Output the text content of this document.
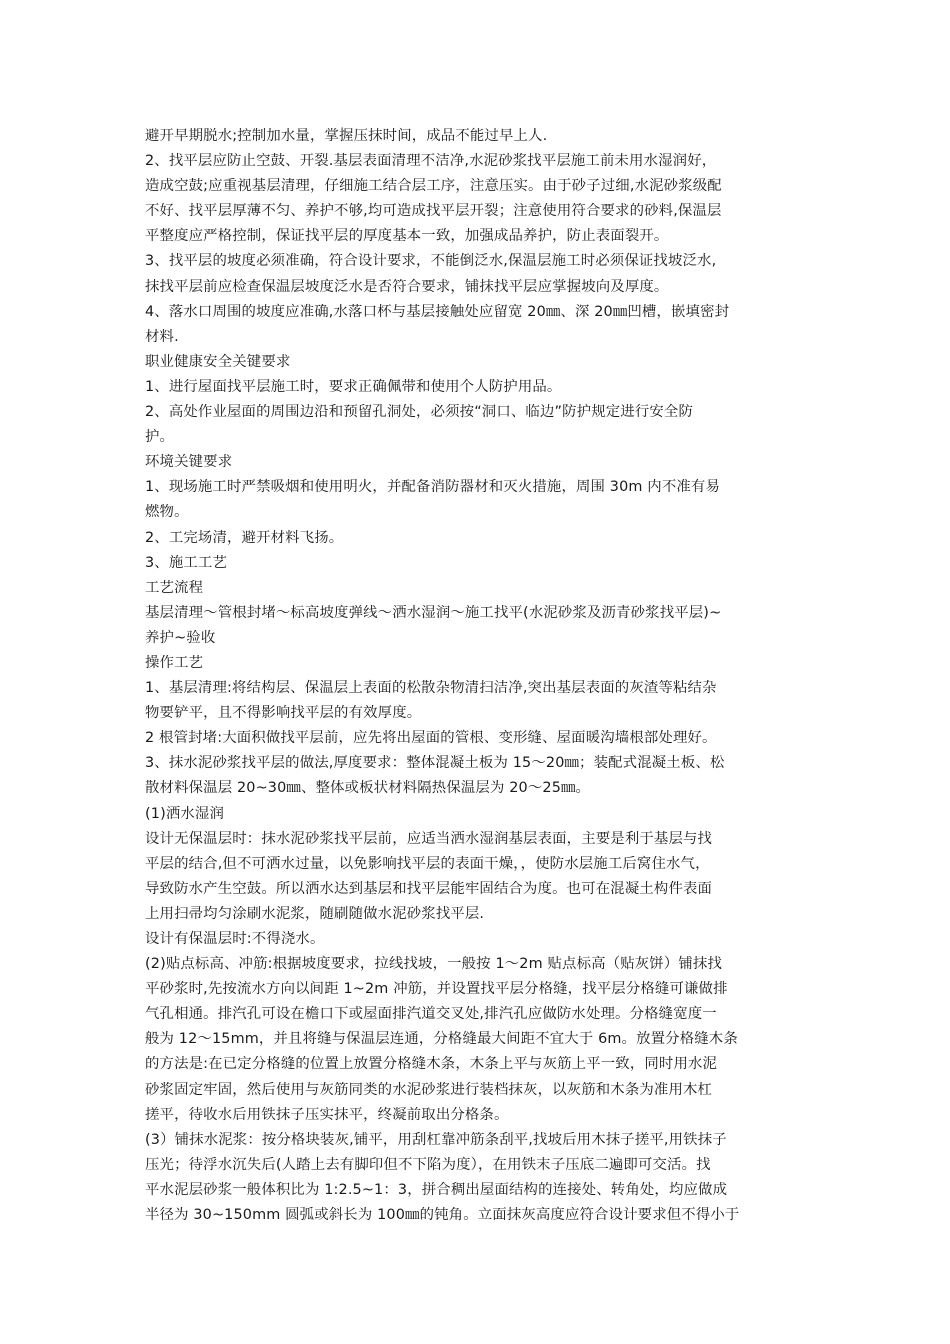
避开早期脱水;控制加水量，掌握压抹时间，成品不能过早上人.
2、找平层应防止空鼓、开裂.基层表面清理不洁净,水泥砂浆找平层施工前未用水湿润好，
造成空鼓;应重视基层清理，仔细施工结合层工序，注意压实。由于砂子过细,水泥砂浆级配
不好、找平层厚薄不匀、养护不够,均可造成找平层开裂；注意使用符合要求的砂料,保温层
平整度应严格控制，保证找平层的厚度基本一致，加强成品养护，防止表面裂开。
3、找平层的坡度必须准确，符合设计要求，不能倒泛水,保温层施工时必须保证找坡泛水,
抹找平层前应检查保温层坡度泛水是否符合要求，铺抹找平层应掌握坡向及厚度。
4、落水口周围的坡度应准确,水落口杯与基层接触处应留宽 20㎜、深 20㎜凹槽，嵌填密封
材料.
职业健康安全关键要求
1、进行屋面找平层施工时，要求正确佩带和使用个人防护用品。
2、高处作业屋面的周围边沿和预留孔洞处，必须按“洞口、临边”防护规定进行安全防
护。
环境关键要求
1、现场施工时严禁吸烟和使用明火，并配备消防器材和灭火措施，周围 30m 内不准有易
燃物。
2、工完场清，避开材料飞扬。
3、施工工艺
工艺流程
基层清理～管根封堵～标高坡度弹线～洒水湿润～施工找平(水泥砂浆及沥青砂浆找平层)~
养护~验收
操作工艺
1、基层清理:将结构层、保温层上表面的松散杂物清扫洁净,突出基层表面的灰渣等粘结杂
物要铲平，且不得影响找平层的有效厚度。
2 根管封堵:大面积做找平层前，应先将出屋面的管根、变形缝、屋面暖沟墙根部处理好。
3、抹水泥砂浆找平层的做法,厚度要求：整体混凝土板为 15～20㎜；装配式混凝土板、松
散材料保温层 20~30㎜、整体或板状材料隔热保温层为 20～25㎜。
(1)洒水湿润
设计无保温层时：抹水泥砂浆找平层前，应适当洒水湿润基层表面，主要是利于基层与找
平层的结合,但不可洒水过量，以免影响找平层的表面干燥，，使防水层施工后窝住水气，
导致防水产生空鼓。所以洒水达到基层和找平层能牢固结合为度。也可在混凝土构件表面
上用扫帚均匀涂刷水泥浆，随刷随做水泥砂浆找平层.
设计有保温层时:不得浇水。
(2)贴点标高、冲筋:根据坡度要求，拉线找坡，一般按 1～2m 贴点标高（贴灰饼）铺抹找
平砂浆时,先按流水方向以间距 1~2m 冲筋，并设置找平层分格缝，找平层分格缝可谦做排
气孔相通。排汽孔可设在檐口下或屋面排汽道交叉处,排汽孔应做防水处理。分格缝宽度一
般为 12～15mm，并且将缝与保温层连通，分格缝最大间距不宜大于 6m。放置分格缝木条
的方法是:在已定分格缝的位置上放置分格缝木条，木条上平与灰筋上平一致，同时用水泥
砂浆固定牢固，然后使用与灰筋同类的水泥砂浆进行装档抹灰，以灰筋和木条为准用木杠
搓平，待收水后用铁抹子压实抹平，终凝前取出分格条。
(3）铺抹水泥浆：按分格块装灰,铺平，用刮杠靠冲筋条刮平,找坡后用木抹子搓平,用铁抹子
压光；待浮水沉失后(人踏上去有脚印但不下陷为度），在用铁末子压底二遍即可交活。找
平水泥层砂浆一般体积比为 1:2.5~1：3，拼合稠出屋面结构的连接处、转角处，均应做成
半径为 30~150mm 圆弧或斜长为 100㎜的钝角。立面抹灰高度应符合设计要求但不得小于
